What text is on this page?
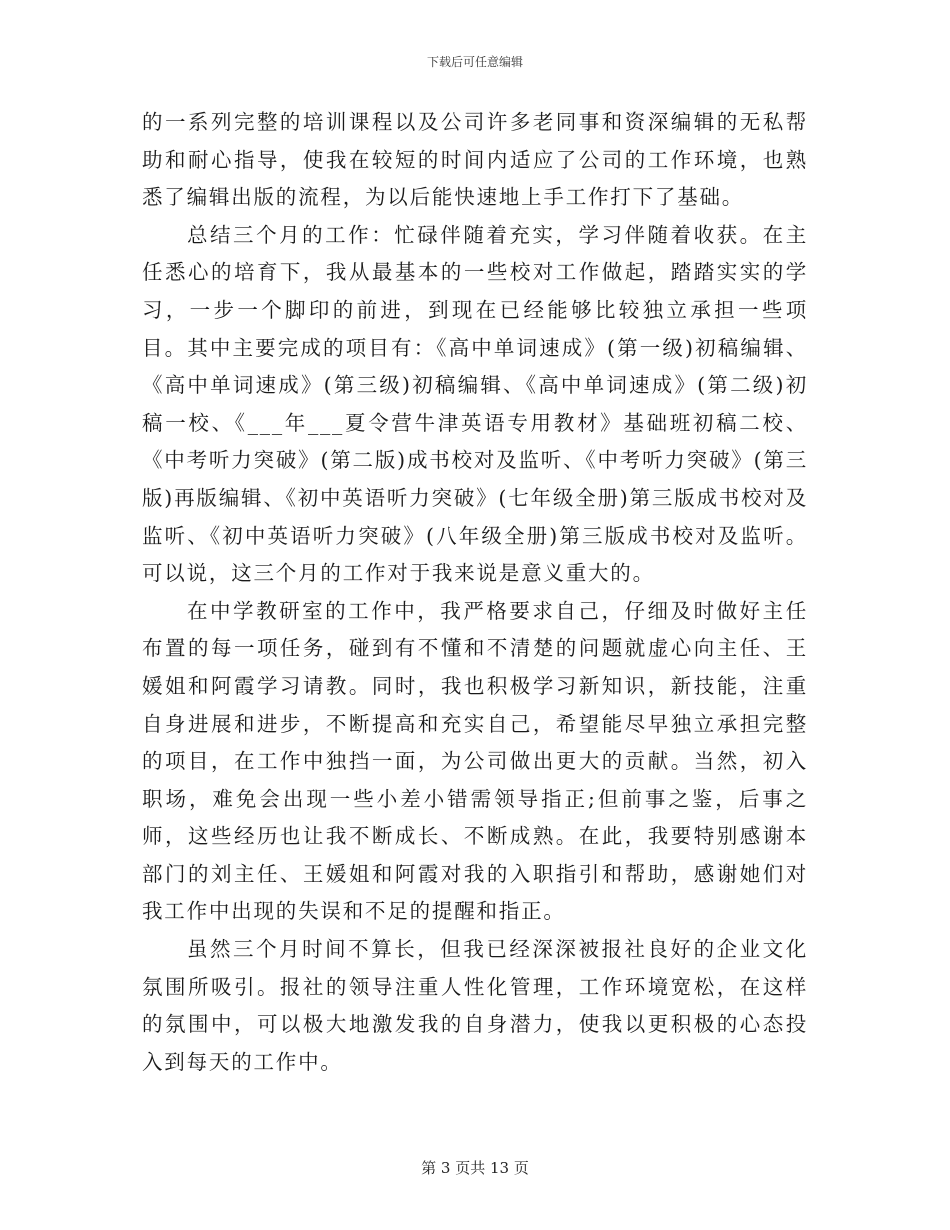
下载后可任意编辑

的一系列完整的培训课程以及公司许多老同事和资深编辑的无私帮助和耐心指导，使我在较短的时间内适应了公司的工作环境，也熟悉了编辑出版的流程，为以后能快速地上手工作打下了基础。

总结三个月的工作：忙碌伴随着充实，学习伴随着收获。在主任悉心的培育下，我从最基本的一些校对工作做起，踏踏实实的学习，一步一个脚印的前进，到现在已经能够比较独立承担一些项目。其中主要完成的项目有：《高中单词速成》(第一级)初稿编辑、《高中单词速成》(第三级)初稿编辑、《高中单词速成》(第二级)初稿一校、《___年___夏令营牛津英语专用教材》基础班初稿二校、《中考听力突破》(第二版)成书校对及监听、《中考听力突破》(第三版)再版编辑、《初中英语听力突破》(七年级全册)第三版成书校对及监听、《初中英语听力突破》(八年级全册)第三版成书校对及监听。可以说，这三个月的工作对于我来说是意义重大的。

在中学教研室的工作中，我严格要求自己，仔细及时做好主任布置的每一项任务，碰到有不懂和不清楚的问题就虚心向主任、王媛姐和阿霞学习请教。同时，我也积极学习新知识，新技能，注重自身进展和进步，不断提高和充实自己，希望能尽早独立承担完整的项目，在工作中独挡一面，为公司做出更大的贡献。当然，初入职场，难免会出现一些小差小错需领导指正;但前事之鉴，后事之师，这些经历也让我不断成长、不断成熟。在此，我要特别感谢本部门的刘主任、王媛姐和阿霞对我的入职指引和帮助，感谢她们对我工作中出现的失误和不足的提醒和指正。

虽然三个月时间不算长，但我已经深深被报社良好的企业文化氛围所吸引。报社的领导注重人性化管理，工作环境宽松，在这样的氛围中，可以极大地激发我的自身潜力，使我以更积极的心态投入到每天的工作中。

第 3 页共 13 页
